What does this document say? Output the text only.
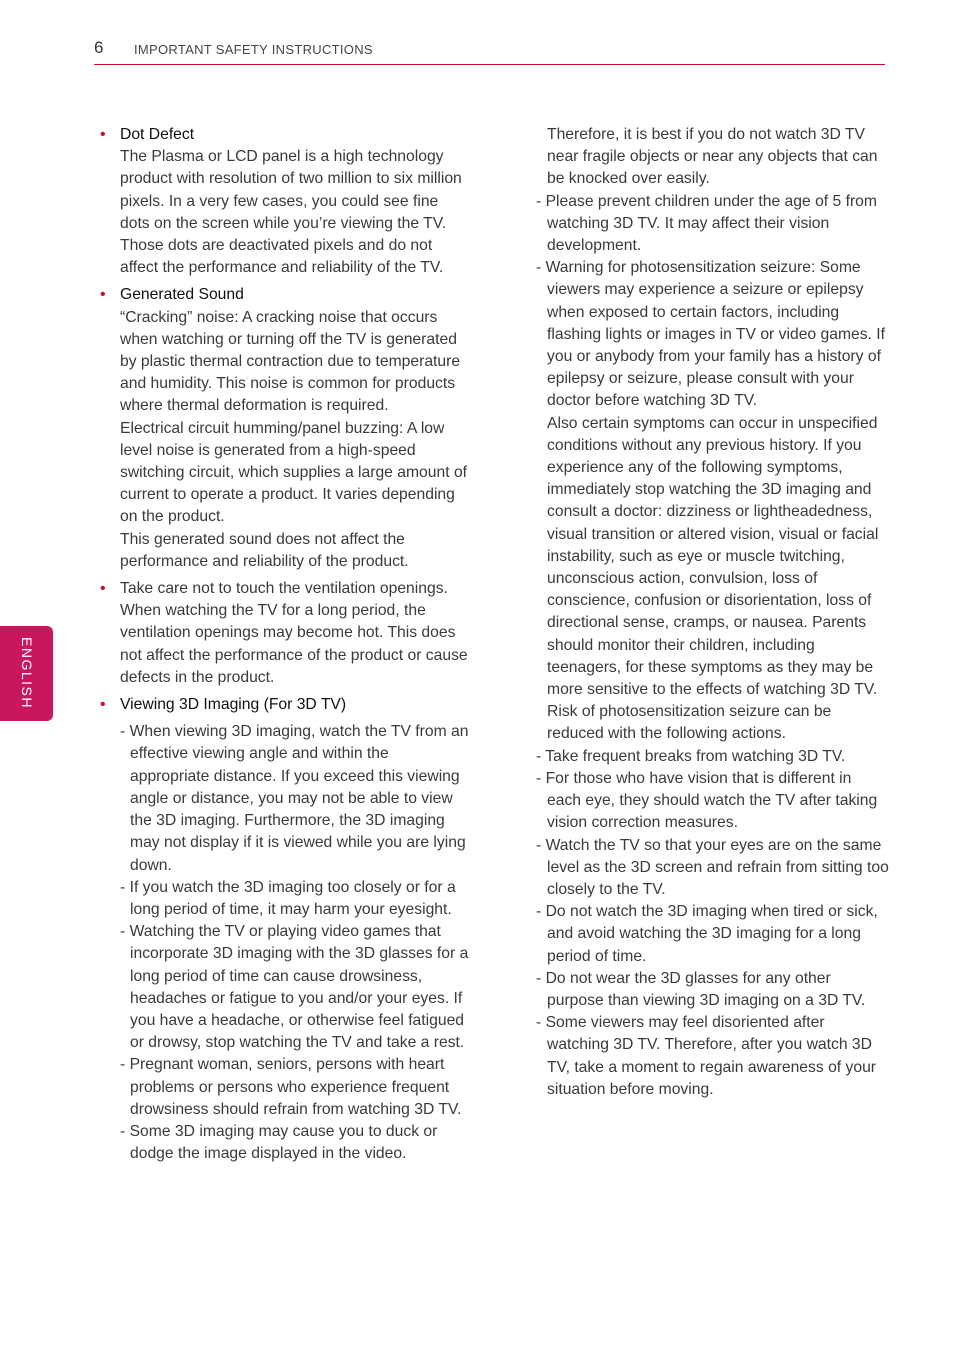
6 IMPORTANT SAFETY INSTRUCTIONS
ENGLISH
• Dot Defect
The Plasma or LCD panel is a high technology product with resolution of two million to six million pixels. In a very few cases, you could see fine dots on the screen while you’re viewing the TV. Those dots are deactivated pixels and do not affect the performance and reliability of the TV.
• Generated Sound
“Cracking” noise: A cracking noise that occurs when watching or turning off the TV is generated by plastic thermal contraction due to temperature and humidity. This noise is common for products where thermal deformation is required.
Electrical circuit humming/panel buzzing: A low level noise is generated from a high-speed switching circuit, which supplies a large amount of current to operate a product. It varies depending on the product.
This generated sound does not affect the performance and reliability of the product.
• Take care not to touch the ventilation openings. When watching the TV for a long period, the ventilation openings may become hot. This does not affect the performance of the product or cause defects in the product.
• Viewing 3D Imaging (For 3D TV)
- When viewing 3D imaging, watch the TV from an effective viewing angle and within the appropriate distance. If you exceed this viewing angle or distance, you may not be able to view the 3D imaging. Furthermore, the 3D imaging may not display if it is viewed while you are lying down.
- If you watch the 3D imaging too closely or for a long period of time, it may harm your eyesight.
- Watching the TV or playing video games that incorporate 3D imaging with the 3D glasses for a long period of time can cause drowsiness, headaches or fatigue to you and/or your eyes. If you have a headache, or otherwise feel fatigued or drowsy, stop watching the TV and take a rest.
- Pregnant woman, seniors, persons with heart problems or persons who experience frequent drowsiness should refrain from watching 3D TV.
- Some 3D imaging may cause you to duck or dodge the image displayed in the video.
Therefore, it is best if you do not watch 3D TV near fragile objects or near any objects that can be knocked over easily.
- Please prevent children under the age of 5 from watching 3D TV. It may affect their vision development.
- Warning for photosensitization seizure: Some viewers may experience a seizure or epilepsy when exposed to certain factors, including flashing lights or images in TV or video games. If you or anybody from your family has a history of epilepsy or seizure, please consult with your doctor before watching 3D TV.
Also certain symptoms can occur in unspecified conditions without any previous history. If you experience any of the following symptoms, immediately stop watching the 3D imaging and consult a doctor: dizziness or lightheadedness, visual transition or altered vision, visual or facial instability, such as eye or muscle twitching, unconscious action, convulsion, loss of conscience, confusion or disorientation, loss of directional sense, cramps, or nausea. Parents should monitor their children, including teenagers, for these symptoms as they may be more sensitive to the effects of watching 3D TV.
Risk of photosensitization seizure can be reduced with the following actions.
- Take frequent breaks from watching 3D TV.
- For those who have vision that is different in each eye, they should watch the TV after taking vision correction measures.
- Watch the TV so that your eyes are on the same level as the 3D screen and refrain from sitting too closely to the TV.
- Do not watch the 3D imaging when tired or sick, and avoid watching the 3D imaging for a long period of time.
- Do not wear the 3D glasses for any other purpose than viewing 3D imaging on a 3D TV.
- Some viewers may feel disoriented after watching 3D TV. Therefore, after you watch 3D TV, take a moment to regain awareness of your situation before moving.
